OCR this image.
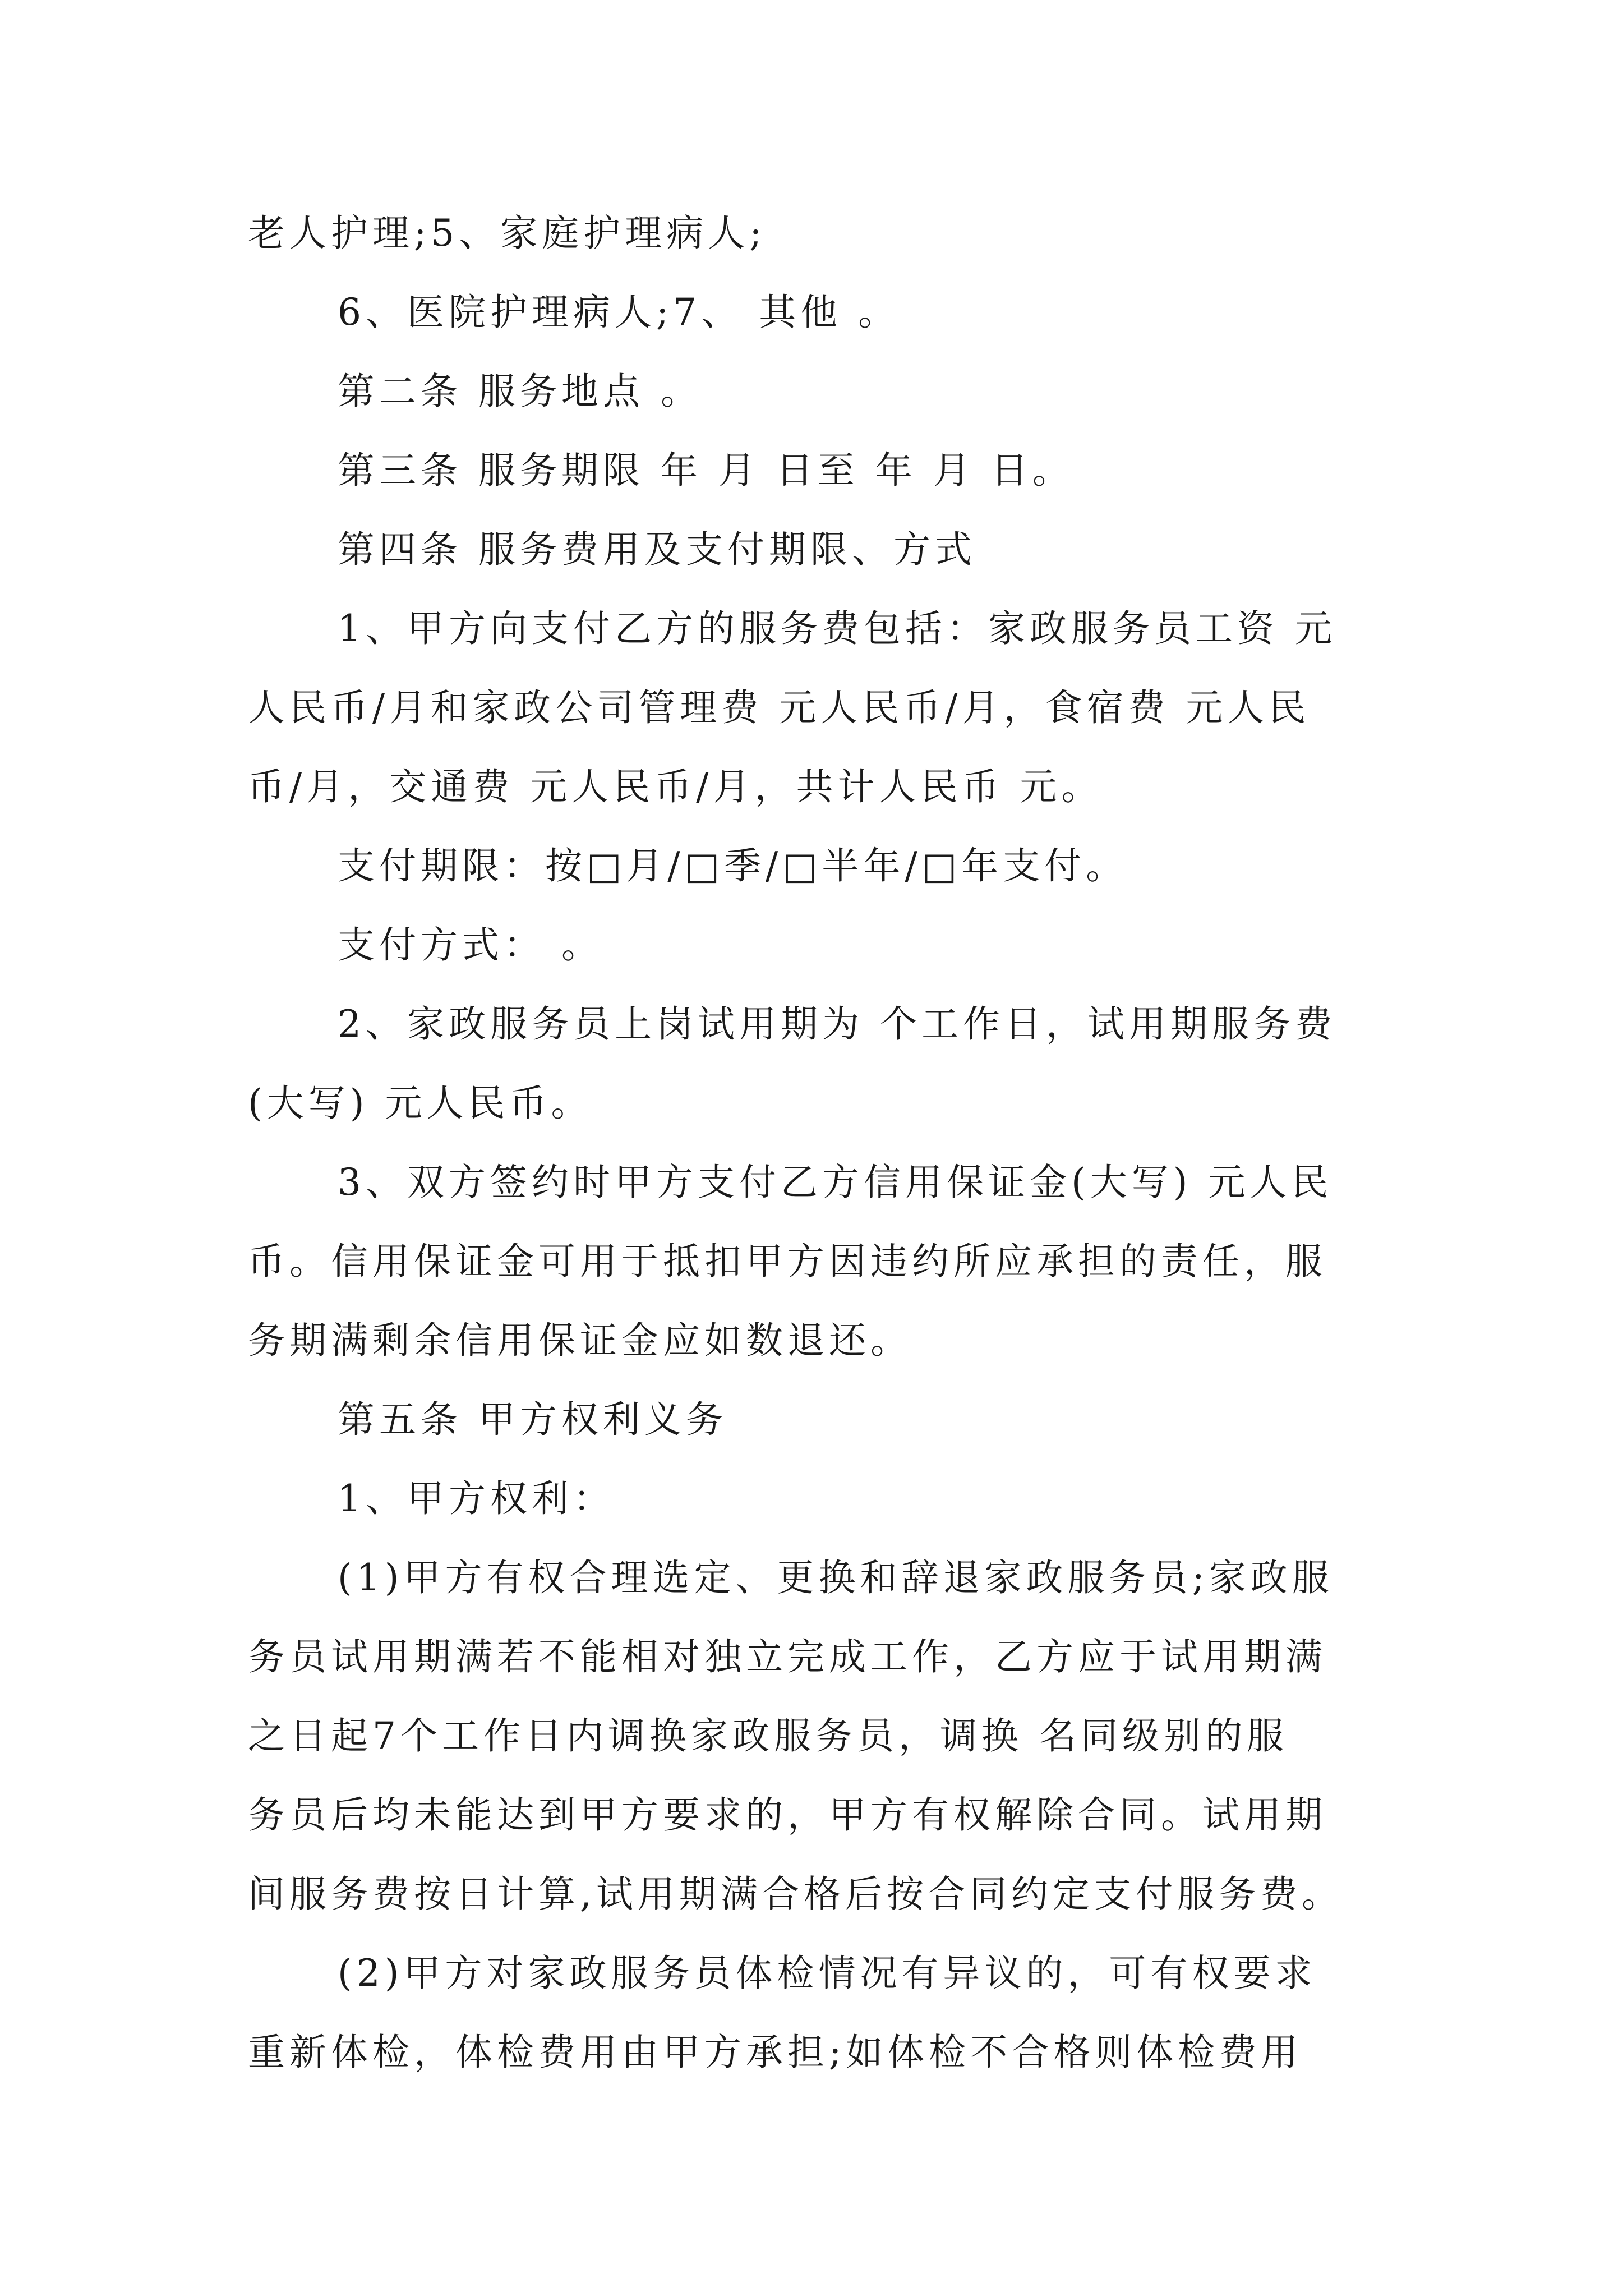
老人护理;5、家庭护理病人;
6、医院护理病人;7、 其他 。
第二条 服务地点 。
第三条 服务期限 年 月 日至 年 月 日。
第四条 服务费用及支付期限、方式
1、甲方向支付乙方的服务费包括：家政服务员工资 元
人民币/月和家政公司管理费 元人民币/月，食宿费 元人民
币/月，交通费 元人民币/月，共计人民币 元。
支付期限：按□月/□季/□半年/□年支付。
支付方式： 。
2、家政服务员上岗试用期为 个工作日，试用期服务费
(大写) 元人民币。
3、双方签约时甲方支付乙方信用保证金(大写) 元人民
币。信用保证金可用于抵扣甲方因违约所应承担的责任，服
务期满剩余信用保证金应如数退还。
第五条 甲方权利义务
1、甲方权利：
(1)甲方有权合理选定、更换和辞退家政服务员;家政服
务员试用期满若不能相对独立完成工作，乙方应于试用期满
之日起7个工作日内调换家政服务员，调换 名同级别的服
务员后均未能达到甲方要求的，甲方有权解除合同。试用期
间服务费按日计算,试用期满合格后按合同约定支付服务费。
(2)甲方对家政服务员体检情况有异议的，可有权要求
重新体检，体检费用由甲方承担;如体检不合格则体检费用
